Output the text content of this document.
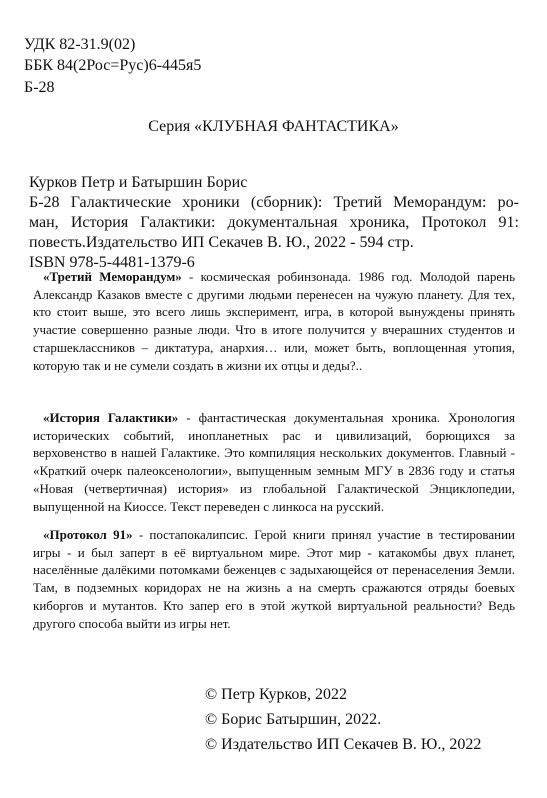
УДК 82-31.9(02)
ББК 84(2Рос=Рус)6-445я5
Б-28
Серия «КЛУБНАЯ ФАНТАСТИКА»
Курков Петр и Батыршин Борис
Б-28 Галактические хроники (сборник): Третий Меморандум: ро-
ман, История Галактики: документальная хроника, Протокол 91:
повесть.Издательство ИП Секачев В. Ю., 2022 - 594 стр.
ISBN 978-5-4481-1379-6

«Третий Меморандум» - космическая робинзонада. 1986 год. Молодой парень Александр Казаков вместе с другими людьми перенесен на чужую планету. Для тех, кто стоит выше, это всего лишь эксперимент, игра, в которой вынуждены принять участие совершенно разные люди. Что в итоге получится у вчерашних студентов и старшеклассников – диктатура, анархия… или, может быть, воплощенная утопия, которую так и не сумели создать в жизни их отцы и деды?..

«История Галактики» - фантастическая документальная хроника. Хронология исторических событий, инопланетных рас и цивилизаций, борющихся за верховенство в нашей Галактике. Это компиляция нескольких документов. Главный - «Краткий очерк палеоксенологии», выпущенным земным МГУ в 2836 году и статья «Новая (четвертичная) история» из глобальной Галактической Энциклопедии, выпущенной на Киоссе. Текст переведен с линкоса на русский.

«Протокол 91» - постапокалипсис. Герой книги принял участие в тестировании игры - и был заперт в её виртуальном мире. Этот мир - катакомбы двух планет, населённые далёкими потомками беженцев с задыхающейся от перенаселения Земли. Там, в подземных коридорах не на жизнь а на смерть сражаются отряды боевых киборгов и мутантов. Кто запер его в этой жуткой виртуальной реальности? Ведь другого способа выйти из игры нет.

© Петр Курков, 2022
© Борис Батыршин, 2022.
© Издательство ИП Секачев В. Ю., 2022
